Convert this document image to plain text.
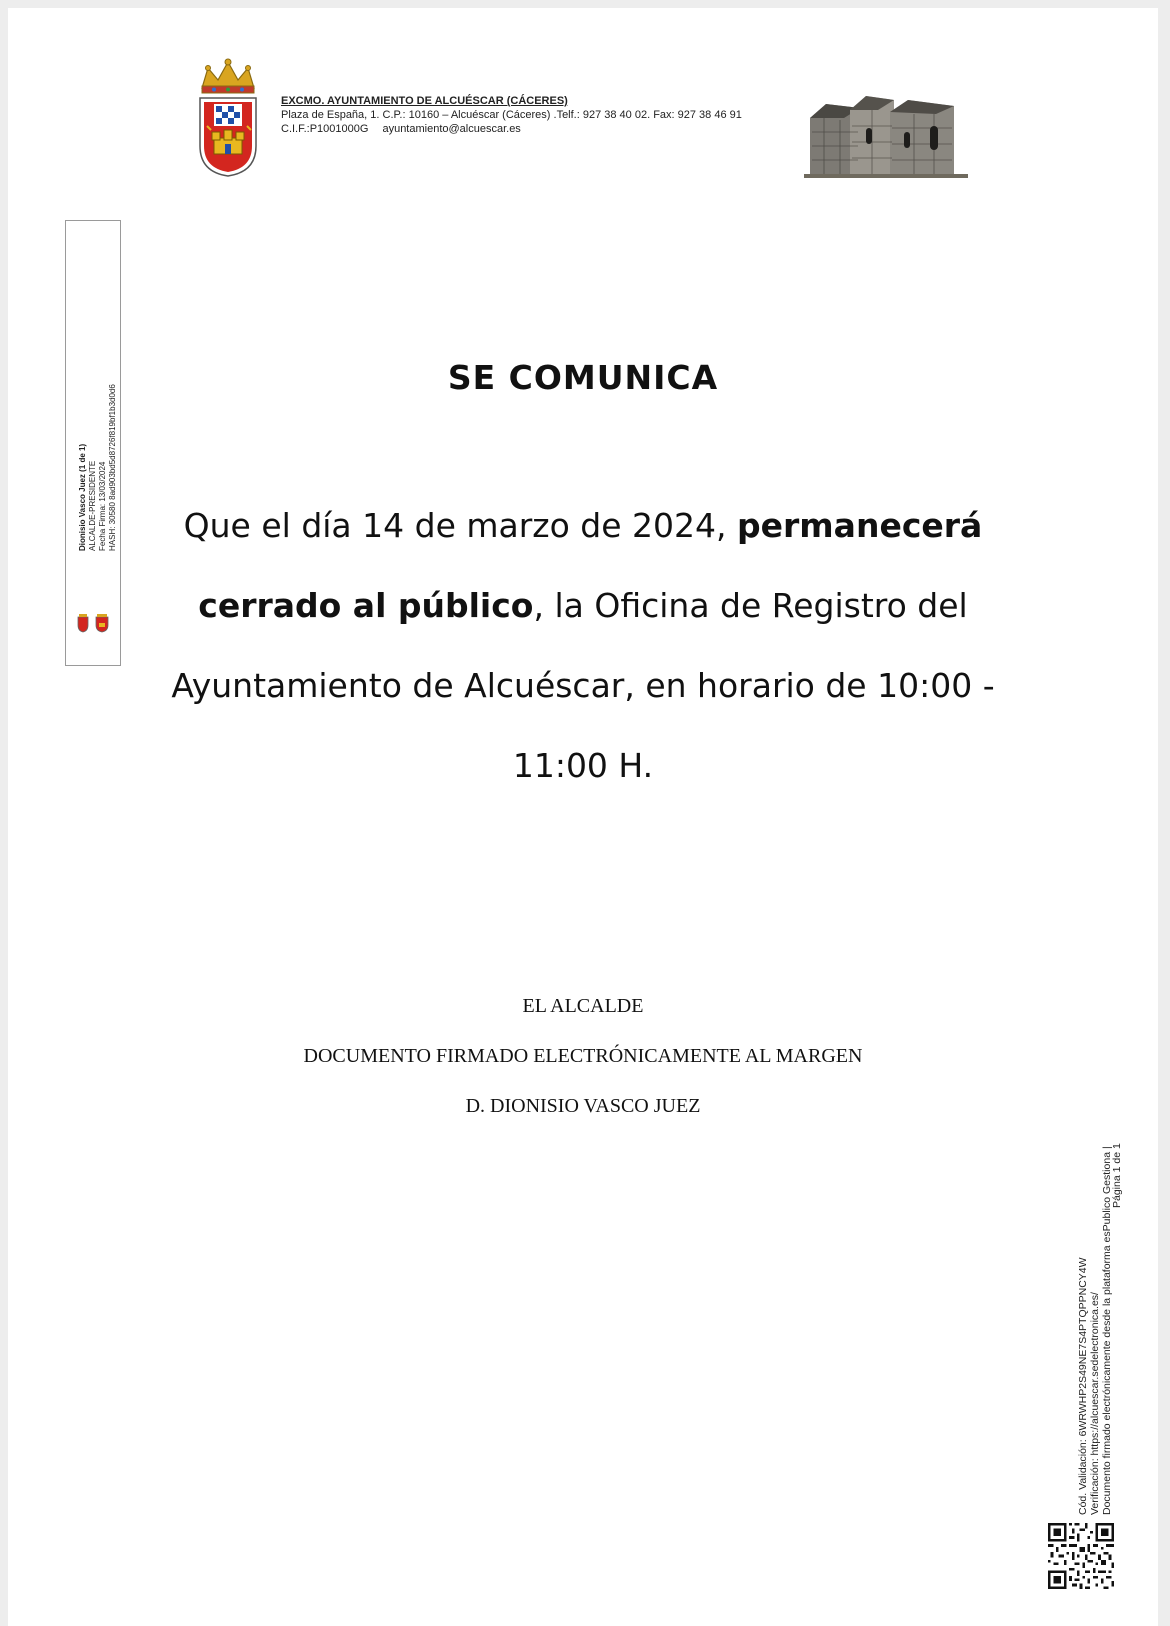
EXCMO. AYUNTAMIENTO DE ALCUÉSCAR (CÁCERES)
Plaza de España, 1. C.P.: 10160 – Alcuéscar (Cáceres) .Telf.: 927 38 40 02. Fax: 927 38 46 91
C.I.F.:P1001000G ayuntamiento@alcuescar.es
Dionisio Vasco Juez (1 de 1) ALCALDE-PRESIDENTE Fecha Firma: 13/03/2024 HASH: 30580 8ad903bd5d8726f819bf1b3d0d6
SE COMUNICA
Que el día 14 de marzo de 2024, permanecerá cerrado al público, la Oficina de Registro del Ayuntamiento de Alcuéscar, en horario de 10:00 - 11:00 H.
EL ALCALDE
DOCUMENTO FIRMADO ELECTRÓNICAMENTE AL MARGEN
D. DIONISIO VASCO JUEZ
Cód. Validación: 6WRWHP2S49NE7S4PTQPPNCY4W Verificación: https://alcuescar.sedelectronica.es/ Documento firmado electrónicamente desde la plataforma esPublico Gestiona |
Página 1 de 1
